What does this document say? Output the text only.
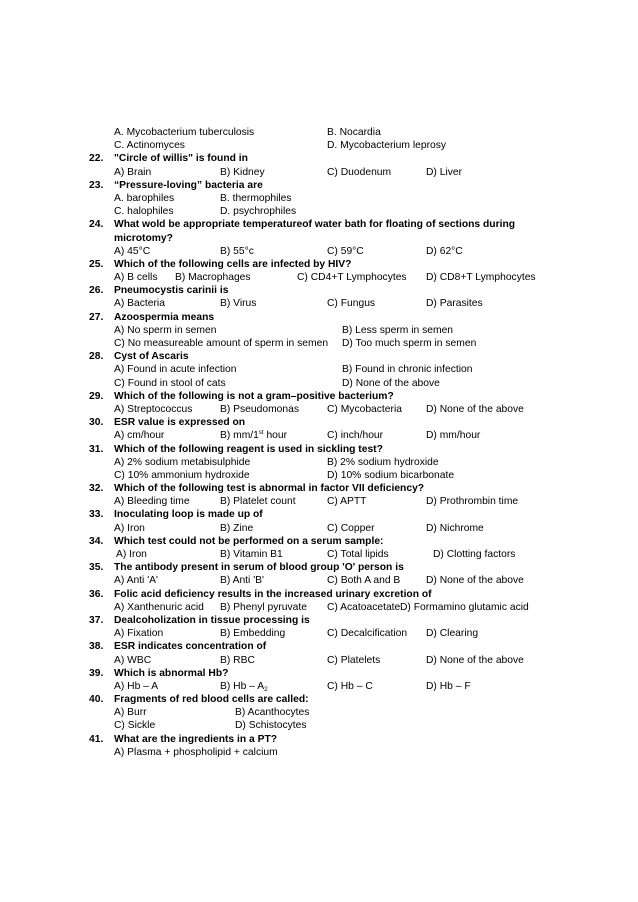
A. Mycobacterium tuberculosis	B. Nocardia
C. Actinomyces	D. Mycobacterium leprosy
22. "Circle of willis" is found in
A) Brain	B) Kidney	C) Duodenum	D) Liver
23. “Pressure-loving” bacteria are
A. barophiles	B. thermophiles
C. halophiles	D. psychrophiles
24. What wold be appropriate temperatureof water bath for floating of sections during
microtomy?
A) 45°C	B) 55°c	C) 59°C	D) 62°C
25. Which of the following cells are infected by HIV?
A) B cells B) Macrophages	C) CD4+T Lymphocytes D) CD8+T Lymphocytes
26. Pneumocystis carinii is
A) Bacteria	B) Virus	C) Fungus	D) Parasites
27. Azoospermia means
A) No sperm in semen	B) Less sperm in semen
C) No measureable amount of sperm in semen D) Too much sperm in semen
28. Cyst of Ascaris
A) Found in acute infection	B) Found in chronic infection
C) Found in stool of cats	D) None of the above
29. Which of the following is not a gram–positive bacterium?
A) Streptococcus	B) Pseudomonas	C) Mycobacteria D) None of the above
30. ESR value is expressed on
A) cm/hour	B) mm/1st hour	C) inch/hour	D) mm/hour
31. Which of the following reagent is used in sickling test?
A) 2% sodium metabisulphide	B) 2% sodium hydroxide
C) 10% ammonium hydroxide	D) 10% sodium bicarbonate
32. Which of the following test is abnormal in factor VII deficiency?
A) Bleeding time	B) Platelet count	C) APTT	D) Prothrombin time
33. Inoculating loop is made up of
A) Iron	B) Zine	C) Copper	D) Nichrome
34. Which test could not be performed on a serum sample:
A) Iron	B) Vitamin B1	C) Total lipids	D) Clotting factors
35. The antibody present in serum of blood group 'O' person is
A) Anti 'A'	B) Anti 'B'	C) Both A and B D) None of the above
36. Folic acid deficiency results in the increased urinary excretion of
A) Xanthenuric acid B) Phenyl pyruvate C) Acatoacetate D) Formamino glutamic acid
37. Dealcoholization in tissue processing is
A) Fixation	B) Embedding	C) Decalcification D) Clearing
38. ESR indicates concentration of
A) WBC	B) RBC	C) Platelets	D) None of the above
39. Which is abnormal Hb?
A) Hb – A	B) Hb – $A_2$	C) Hb – C	D) Hb – F
40. Fragments of red blood cells are called:
A) Burr	B) Acanthocytes
C) Sickle	D) Schistocytes
41. What are the ingredients in a PT?
A) Plasma + phospholipid + calcium
